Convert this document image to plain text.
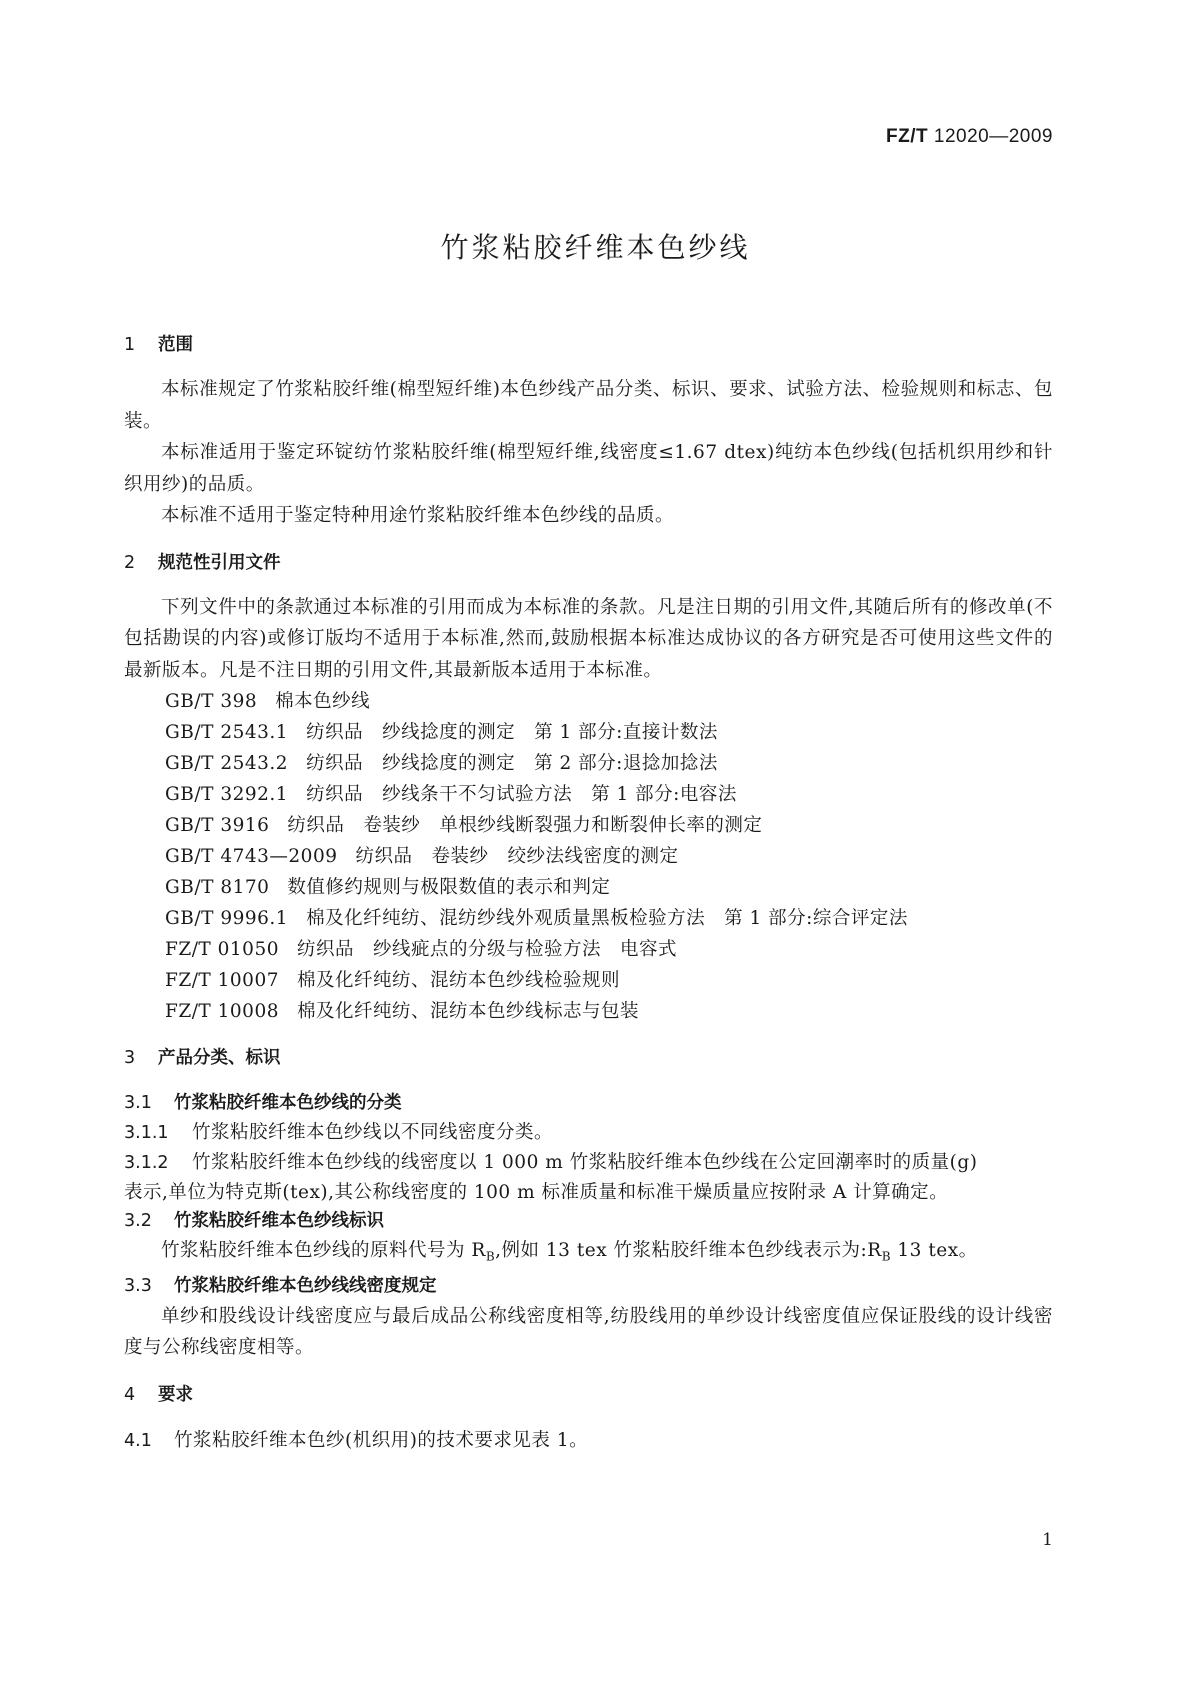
FZ/T 12020—2009
竹浆粘胶纤维本色纱线

1 范围

本标准规定了竹浆粘胶纤维(棉型短纤维)本色纱线产品分类、标识、要求、试验方法、检验规则和标志、包装。

本标准适用于鉴定环锭纺竹浆粘胶纤维(棉型短纤维,线密度≤1.67 dtex)纯纺本色纱线(包括机织用纱和针织用纱)的品质。

本标准不适用于鉴定特种用途竹浆粘胶纤维本色纱线的品质。

2 规范性引用文件

下列文件中的条款通过本标准的引用而成为本标准的条款。凡是注日期的引用文件,其随后所有的修改单(不包括勘误的内容)或修订版均不适用于本标准,然而,鼓励根据本标准达成协议的各方研究是否可使用这些文件的最新版本。凡是不注日期的引用文件,其最新版本适用于本标准。

GB/T 398 棉本色纱线

GB/T 2543.1 纺织品　纱线捻度的测定　第 1 部分:直接计数法

GB/T 2543.2 纺织品　纱线捻度的测定　第 2 部分:退捻加捻法

GB/T 3292.1 纺织品　纱线条干不匀试验方法　第 1 部分:电容法

GB/T 3916 纺织品　卷装纱　单根纱线断裂强力和断裂伸长率的测定

GB/T 4743—2009 纺织品　卷装纱　绞纱法线密度的测定

GB/T 8170 数值修约规则与极限数值的表示和判定

GB/T 9996.1 棉及化纤纯纺、混纺纱线外观质量黑板检验方法　第 1 部分:综合评定法

FZ/T 01050 纺织品　纱线疵点的分级与检验方法　电容式

FZ/T 10007 棉及化纤纯纺、混纺本色纱线检验规则

FZ/T 10008 棉及化纤纯纺、混纺本色纱线标志与包装

3 产品分类、标识

3.1 竹浆粘胶纤维本色纱线的分类

3.1.1 竹浆粘胶纤维本色纱线以不同线密度分类。

3.1.2 竹浆粘胶纤维本色纱线的线密度以 1 000 m 竹浆粘胶纤维本色纱线在公定回潮率时的质量(g)

表示,单位为特克斯(tex),其公称线密度的 100 m 标准质量和标准干燥质量应按附录 A 计算确定。

3.2 竹浆粘胶纤维本色纱线标识

竹浆粘胶纤维本色纱线的原料代号为 $R_B$,例如 13 tex 竹浆粘胶纤维本色纱线表示为$:R_B$ 13 tex。

3.3 竹浆粘胶纤维本色纱线线密度规定

单纱和股线设计线密度应与最后成品公称线密度相等,纺股线用的单纱设计线密度值应保证股线的设计线密度与公称线密度相等。

4 要求

4.1 竹浆粘胶纤维本色纱(机织用)的技术要求见表 1。

1
